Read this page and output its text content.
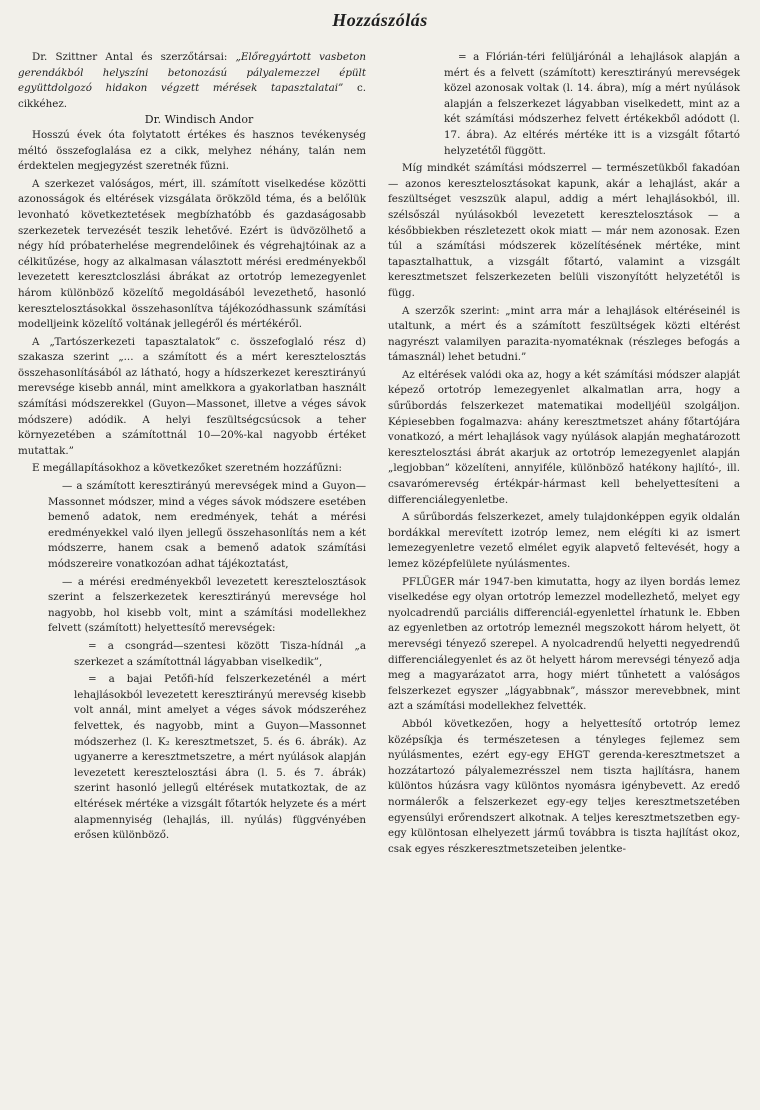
Hozzászólás

Dr. Szittner Antal és szerzőtársai: „Előregyártott vasbeton gerendákból helyszíni betonozású pályalemezzel épült együttdolgozó hidakon végzett mérések tapasztalatai” c. cikkéhez.

Dr. Windisch Andor

Hosszú évek óta folytatott értékes és hasznos tevékenység méltó összefoglalása ez a cikk, melyhez néhány, talán nem érdektelen megjegyzést szeretnék fűzni.

A szerkezet valóságos, mért, ill. számított viselkedése közötti azonosságok és eltérések vizsgálata örökzöld téma, és a belőlük levonható következtetések megbízhatóbb és gazdaságosabb szerkezetek tervezését teszik lehetővé. Ezért is üdvözölhető a négy híd próbaterhelése megrendelőinek és végrehajtóinak az a célkitűzése, hogy az alkalmasan választott mérési eredményekből levezetett keresztcloszlási ábrákat az ortotróp lemezegyenlet három különböző közelítő megoldásából levezethető, hasonló keresztelosztásokkal összehasonlítva tájékozódhassunk számítási modelljeink közelítő voltának jellegéről és mértékéről.

A „Tartószerkezeti tapasztalatok” c. összefoglaló rész d) szakasza szerint „... a számított és a mért keresztelosztás összehasonlításából az látható, hogy a hídszerkezet keresztirányú merevsége kisebb annál, mint amelkkora a gyakorlatban használt számítási módszerekkel (Guyon—Massonet, illetve a véges sávok módszere) adódik. A helyi feszültségcsúcsok a teher környezetében a számítottnál 10—20%-kal nagyobb értéket mutattak.”

E megállapításokhoz a következőket szeretném hozzáfűzni:

— a számított keresztirányú merevségek mind a Guyon—Massonnet módszer, mind a véges sávok módszere esetében bemenő adatok, nem eredmények, tehát a mérési eredményekkel való ilyen jellegű összehasonlítás nem a két módszerre, hanem csak a bemenő adatok számítási módszereire vonatkozóan adhat tájékoztatást,

— a mérési eredményekből levezetett keresztelosztások szerint a felszerkezetek keresztirányú merevsége hol nagyobb, hol kisebb volt, mint a számítási modellekhez felvett (számított) helyettesítő merevségek:

= a csongrád—szentesi között Tisza-hídnál „a szerkezet a számítottnál lágyabban viselkedik”,

= a bajai Petőfi-híd felszerkezeténél a mért lehajlásokból levezetett keresztirányú merevség kisebb volt annál, mint amelyet a véges sávok módszeréhez felvettek, és nagyobb, mint a Guyon—Massonnet módszerhez (l. K₂ keresztmetszet, 5. és 6. ábrák). Az ugyanerre a keresztmetszetre, a mért nyúlások alapján levezetett keresztelosztási ábra (l. 5. és 7. ábrák) szerint hasonló jellegű eltérések mutatkoztak, de az eltérések mértéke a vizsgált főtartók helyzete és a mért alapmennyiség (lehajlás, ill. nyúlás) függvényében erősen különböző.

= a Flórián-téri felüljárónál a lehajlások alapján a mért és a felvett (számított) keresztirányú merevségek közel azonosak voltak (l. 14. ábra), míg a mért nyúlások alapján a felszerkezet lágyabban viselkedett, mint az a két számítási módszerhez felvett értékekből adódott (l. 17. ábra). Az eltérés mértéke itt is a vizsgált főtartó helyzetétől függött.

Míg mindkét számítási módszerrel — természetükből fakadóan — azonos keresztelosztásokat kapunk, akár a lehajlást, akár a feszültséget veszszük alapul, addig a mért lehajlásokból, ill. szélsőszál nyúlásokból levezetett keresztelosztások — a későbbiekben részletezett okok miatt — már nem azonosak. Ezen túl a számítási módszerek közelítésének mértéke, mint tapasztalhattuk, a vizsgált főtartó, valamint a vizsgált keresztmetszet felszerkezeten belüli viszonyítótt helyzetétől is függ.

A szerzők szerint: „mint arra már a lehajlások eltéréseinél is utaltunk, a mért és a számított feszültségek közti eltérést nagyrészt valamilyen parazita-nyomatéknak (részleges befogás a támasznál) lehet betudni.”

Az eltérések valódi oka az, hogy a két számítási módszer alapját képező ortotróp lemezegyenlet alkalmatlan arra, hogy a sűrűbordás felszerkezet matematikai modelljéül szolgáljon. Képiesebben fogalmazva: ahány keresztmetszet ahány főtartójára vonatkozó, a mért lehajlások vagy nyúlások alapján meghatározott keresztelosztási ábrát akarjuk az ortotróp lemezegyenlet alapján „legjobban” közelíteni, annyiféle, különböző hatékony hajlító-, ill. csavarómerevség értékpár-hármast kell behelyettesíteni a differenciálegyenletbe.

A sűrűbordás felszerkezet, amely tulajdonképpen egyik oldalán bordákkal merevített izotróp lemez, nem elégíti ki az ismert lemezegyenletre vezető elmélet egyik alapvető feltevését, hogy a lemez középfelülete nyúlásmentes.

PFLÜGER már 1947-ben kimutatta, hogy az ilyen bordás lemez viselkedése egy olyan ortotróp lemezzel modellezhető, melyet egy nyolcadrendű parciális differenciál-egyenlettel írhatunk le. Ebben az egyenletben az ortotróp lemeznél megszokott három helyett, öt merevségi tényező szerepel. A nyolcadrendű helyetti negyedrendű differenciálegyenlet és az öt helyett három merevségi tényező adja meg a magyarázatot arra, hogy miért tűnhetett a valóságos felszerkezet egyszer „lágyabbnak”, másszor merevebbnek, mint azt a számítási modellekhez felvették.

Abból következően, hogy a helyettesítő ortotróp lemez középsíkja és természetesen a tényleges fejlemez sem nyúlásmentes, ezért egy-egy EHGT gerenda-keresztmetszet a hozzátartozó pályalemezrésszel nem tiszta hajlításra, hanem különtos húzásra vagy különtos nyomásra igénybevett. Az eredő normálerők a felszerkezet egy-egy teljes keresztmetszetében egyensúlyi erőrendszert alkotnak. A teljes keresztmetszetben egy-egy különtosan elhelyezett jármű továbbra is tiszta hajlítást okoz, csak egyes részkeresztmetszeteiben jelentke-
